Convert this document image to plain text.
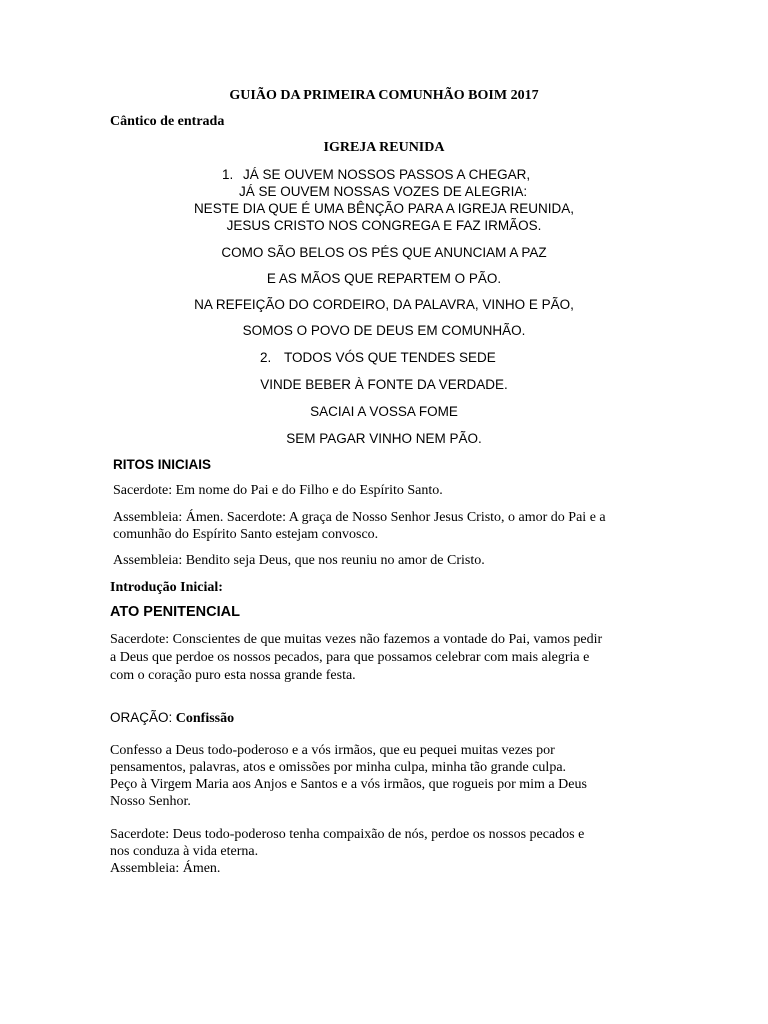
GUIÃO DA PRIMEIRA COMUNHÃO BOIM 2017

Cântico de entrada

IGREJA REUNIDA

1. JÁ SE OUVEM NOSSOS PASSOS A CHEGAR,

JÁ SE OUVEM NOSSAS VOZES DE ALEGRIA:

NESTE DIA QUE É UMA BÊNÇÃO PARA A IGREJA REUNIDA,

JESUS CRISTO NOS CONGREGA E FAZ IRMÃOS.

COMO SÃO BELOS OS PÉS QUE ANUNCIAM A PAZ

E AS MÃOS QUE REPARTEM O PÃO.

NA REFEIÇÃO DO CORDEIRO, DA PALAVRA, VINHO E PÃO,

SOMOS O POVO DE DEUS EM COMUNHÃO.

2. TODOS VÓS QUE TENDES SEDE

VINDE BEBER À FONTE DA VERDADE.

SACIAI A VOSSA FOME

SEM PAGAR VINHO NEM PÃO.

RITOS INICIAIS

Sacerdote: Em nome do Pai e do Filho e do Espírito Santo.

Assembleia: Ámen. Sacerdote: A graça de Nosso Senhor Jesus Cristo, o amor do Pai e a

comunhão do Espírito Santo estejam convosco.

Assembleia: Bendito seja Deus, que nos reuniu no amor de Cristo.

Introdução Inicial:

ATO PENITENCIAL

Sacerdote: Conscientes de que muitas vezes não fazemos a vontade do Pai, vamos pedir

a Deus que perdoe os nossos pecados, para que possamos celebrar com mais alegria e

com o coração puro esta nossa grande festa.

ORAÇÃO: Confissão

Confesso a Deus todo-poderoso e a vós irmãos, que eu pequei muitas vezes por

pensamentos, palavras, atos e omissões por minha culpa, minha tão grande culpa.

Peço à Virgem Maria aos Anjos e Santos e a vós irmãos, que rogueis por mim a Deus

Nosso Senhor.

Sacerdote: Deus todo-poderoso tenha compaixão de nós, perdoe os nossos pecados e

nos conduza à vida eterna.

Assembleia: Ámen.
